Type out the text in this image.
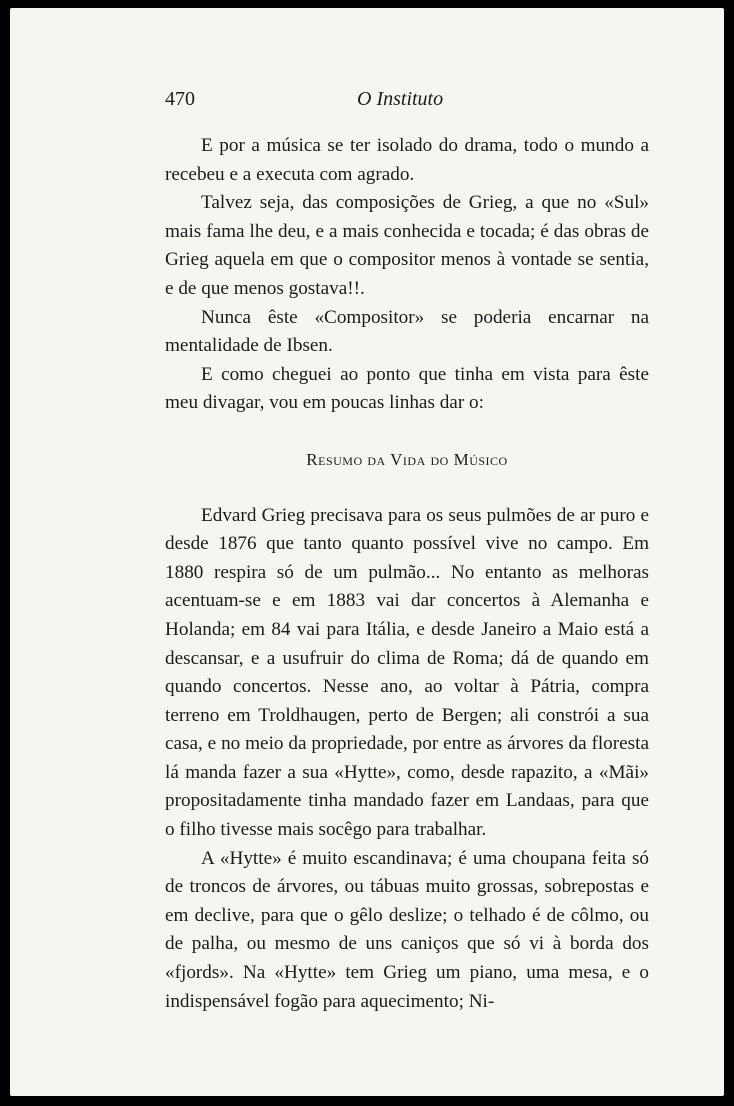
470	O Instituto

E por a música se ter isolado do drama, todo o mundo a recebeu e a executa com agrado.

Talvez seja, das composições de Grieg, a que no «Sul» mais fama lhe deu, e a mais conhecida e tocada; é das obras de Grieg aquela em que o compositor menos à vontade se sentia, e de que menos gostava!!.

Nunca êste «Compositor» se poderia encarnar na mentalidade de Ibsen.

E como cheguei ao ponto que tinha em vista para êste meu divagar, vou em poucas linhas dar o:

Resumo da Vida do Músico

Edvard Grieg precisava para os seus pulmões de ar puro e desde 1876 que tanto quanto possível vive no campo. Em 1880 respira só de um pulmão... No entanto as melhoras acentuam-se e em 1883 vai dar concertos à Alemanha e Holanda; em 84 vai para Itália, e desde Janeiro a Maio está a descansar, e a usufruir do clima de Roma; dá de quando em quando concertos. Nesse ano, ao voltar à Pátria, compra terreno em Troldhaugen, perto de Bergen; ali constrói a sua casa, e no meio da propriedade, por entre as árvores da floresta lá manda fazer a sua «Hytte», como, desde rapazito, a «Mãi» propositadamente tinha mandado fazer em Landaas, para que o filho tivesse mais socêgo para trabalhar.

A «Hytte» é muito escandinava; é uma choupana feita só de troncos de árvores, ou tábuas muito grossas, sobrepostas e em declive, para que o gêlo deslize; o telhado é de côlmo, ou de palha, ou mesmo de uns caniços que só vi à borda dos «fjords». Na «Hytte» tem Grieg um piano, uma mesa, e o indispensável fogão para aquecimento; Ni-
